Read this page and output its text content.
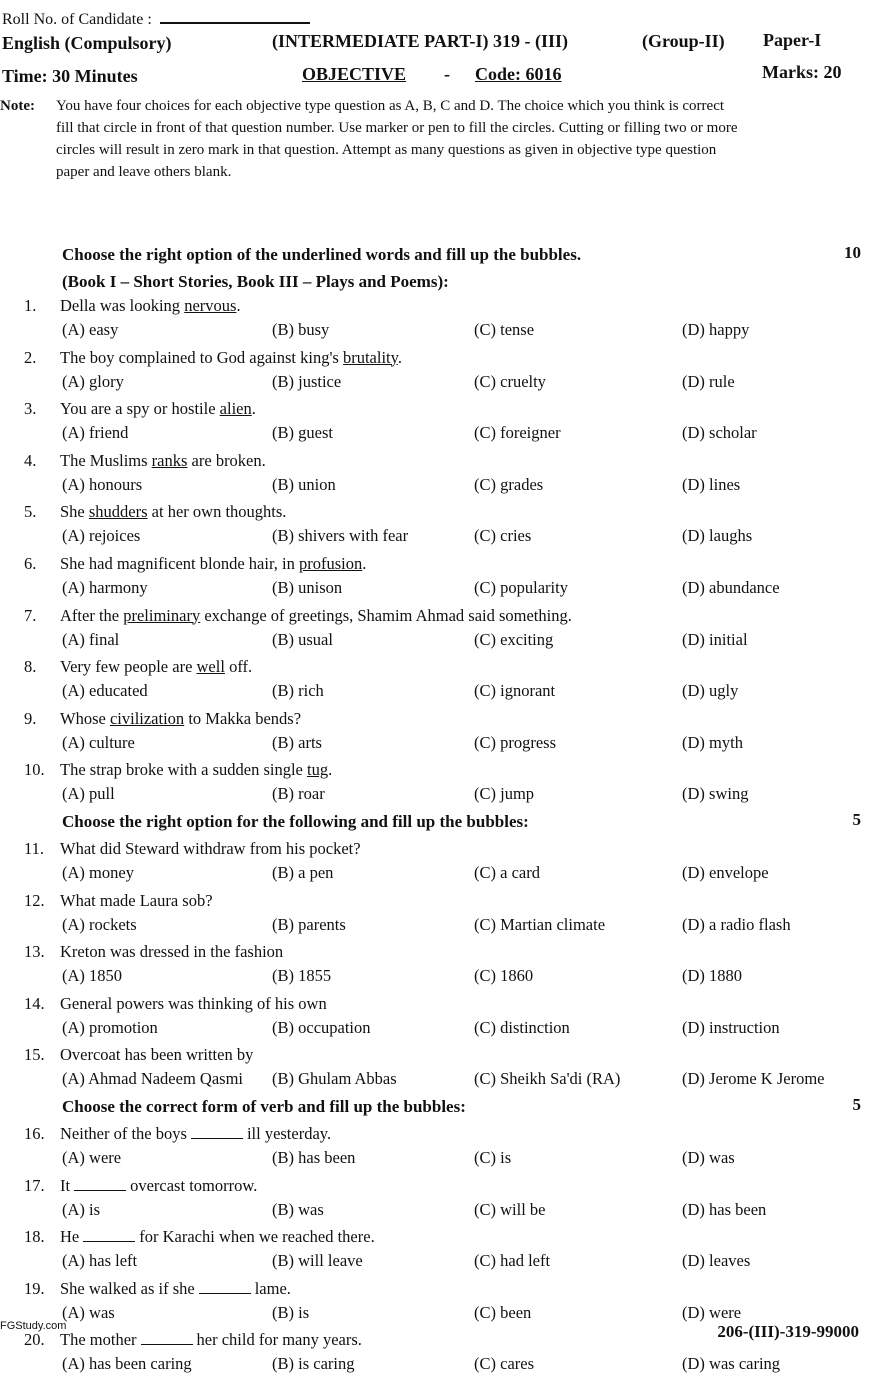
Roll No. of Candidate :
English (Compulsory)	(INTERMEDIATE PART-I) 319 - (III)	(Group-II) Paper-I
Time: 30 Minutes	OBJECTIVE - Code: 6016	Marks: 20
Note: You have four choices for each objective type question as A, B, C and D. The choice which you think is correct
fill that circle in front of that question number. Use marker or pen to fill the circles. Cutting or filling two or more
circles will result in zero mark in that question. Attempt as many questions as given in objective type question
paper and leave others blank.
Choose the right option of the underlined words and fill up the bubbles.	10
(Book I – Short Stories, Book III – Plays and Poems):
1. Della was looking nervous.
(A) easy	(B) busy	(C) tense	(D) happy
2. The boy complained to God against king's brutality.
(A) glory	(B) justice	(C) cruelty	(D) rule
3. You are a spy or hostile alien.
(A) friend	(B) guest	(C) foreigner	(D) scholar
4. The Muslims ranks are broken.
(A) honours	(B) union	(C) grades	(D) lines
5. She shudders at her own thoughts.
(A) rejoices	(B) shivers with fear	(C) cries	(D) laughs
6. She had magnificent blonde hair, in profusion.
(A) harmony	(B) unison	(C) popularity	(D) abundance
7. After the preliminary exchange of greetings, Shamim Ahmad said something.
(A) final	(B) usual	(C) exciting	(D) initial
8. Very few people are well off.
(A) educated	(B) rich	(C) ignorant	(D) ugly
9. Whose civilization to Makka bends?
(A) culture	(B) arts	(C) progress	(D) myth
10. The strap broke with a sudden single tug.
(A) pull	(B) roar	(C) jump	(D) swing
Choose the right option for the following and fill up the bubbles:	5
11. What did Steward withdraw from his pocket?
(A) money	(B) a pen	(C) a card	(D) envelope
12. What made Laura sob?
(A) rockets	(B) parents	(C) Martian climate	(D) a radio flash
13. Kreton was dressed in the fashion
(A) 1850	(B) 1855	(C) 1860	(D) 1880
14. General powers was thinking of his own
(A) promotion	(B) occupation	(C) distinction	(D) instruction
15. Overcoat has been written by
(A) Ahmad Nadeem Qasmi (B) Ghulam Abbas	(C) Sheikh Sa'di (RA)	(D) Jerome K Jerome
Choose the correct form of verb and fill up the bubbles:	5
16. Neither of the boys	ill yesterday.
(A) were	(B) has been	(C) is	(D) was
17. It	overcast tomorrow.
(A) is	(B) was	(C) will be	(D) has been
18. He	for Karachi when we reached there.
(A) has left	(B) will leave	(C) had left	(D) leaves
19. She walked as if she	lame.
(A) was	(B) is	(C) been	(D) were
20. The mother	her child for many years.
(A) has been caring	(B) is caring	(C) cares	(D) was caring
FGStudy.com	206-(III)-319-99000
